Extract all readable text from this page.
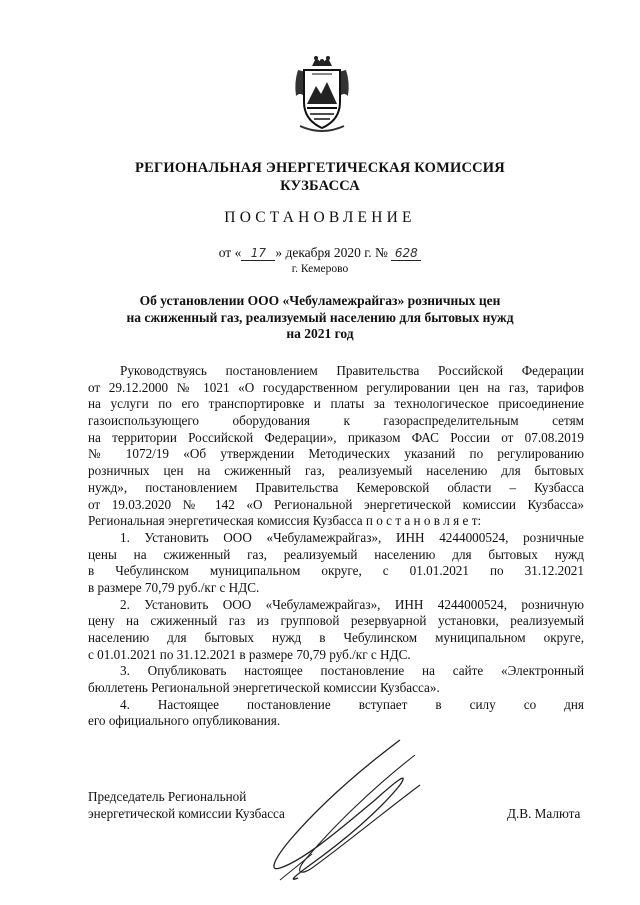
РЕГИОНАЛЬНАЯ ЭНЕРГЕТИЧЕСКАЯ КОМИССИЯ
КУЗБАССА
ПОСТАНОВЛЕНИЕ
от « 17 » декабря 2020 г. № 628
г. Кемерово
Об установлении ООО «Чебуламежрайгаз» розничных цен
на сжиженный газ, реализуемый населению для бытовых нужд
на 2021 год
Руководствуясь постановлением Правительства Российской Федерации
от 29.12.2000 № 1021 «О государственном регулировании цен на газ, тарифов
на услуги по его транспортировке и платы за технологическое присоединение
газоиспользующего оборудования к газораспределительным сетям
на территории Российской Федерации», приказом ФАС России от 07.08.2019
№ 1072/19 «Об утверждении Методических указаний по регулированию
розничных цен на сжиженный газ, реализуемый населению для бытовых
нужд», постановлением Правительства Кемеровской области – Кузбасса
от 19.03.2020 № 142 «О Региональной энергетической комиссии Кузбасса»
Региональная энергетическая комиссия Кузбасса п о с т а н о в л я е т:
1. Установить ООО «Чебуламежрайгаз», ИНН 4244000524, розничные
цены на сжиженный газ, реализуемый населению для бытовых нужд
в Чебулинском муниципальном округе, с 01.01.2021 по 31.12.2021
в размере 70,79 руб./кг с НДС.
2. Установить ООО «Чебуламежрайгаз», ИНН 4244000524, розничную
цену на сжиженный газ из групповой резервуарной установки, реализуемый
населению для бытовых нужд в Чебулинском муниципальном округе,
с 01.01.2021 по 31.12.2021 в размере 70,79 руб./кг с НДС.
3. Опубликовать настоящее постановление на сайте «Электронный
бюллетень Региональной энергетической комиссии Кузбасса».
4. Настоящее постановление вступает в силу со дня
его официального опубликования.
Председатель Региональной
энергетической комиссии Кузбасса	Д.В. Малюта
